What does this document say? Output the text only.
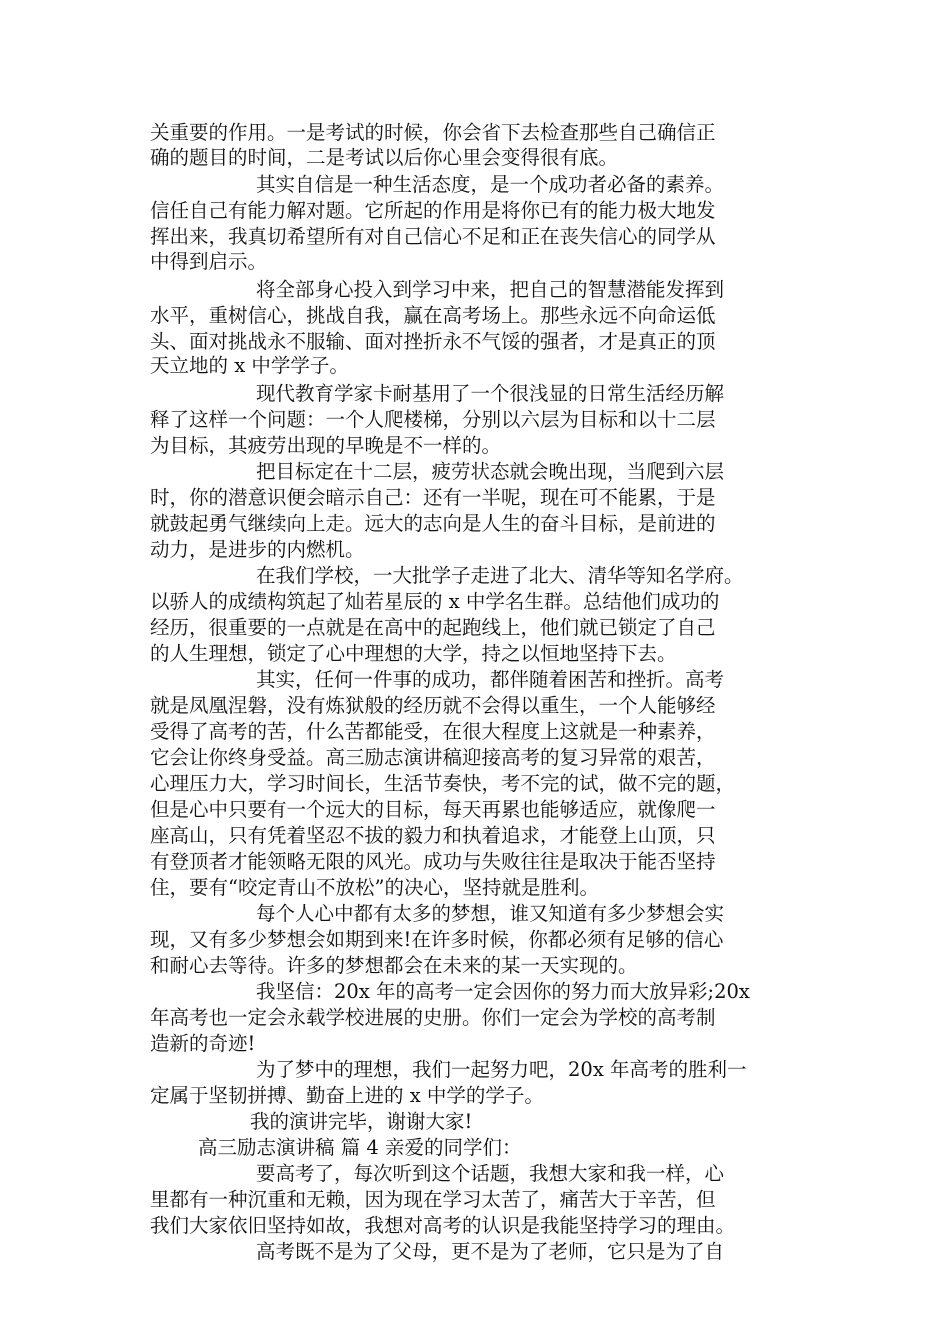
关重要的作用。一是考试的时候，你会省下去检查那些自己确信正
确的题目的时间，二是考试以后你心里会变得很有底。
其实自信是一种生活态度，是一个成功者必备的素养。
信任自己有能力解对题。它所起的作用是将你已有的能力极大地发
挥出来，我真切希望所有对自己信心不足和正在丧失信心的同学从
中得到启示。
将全部身心投入到学习中来，把自己的智慧潜能发挥到
水平，重树信心，挑战自我，赢在高考场上。那些永远不向命运低
头、面对挑战永不服输、面对挫折永不气馁的强者，才是真正的顶
天立地的 x 中学学子。
现代教育学家卡耐基用了一个很浅显的日常生活经历解
释了这样一个问题：一个人爬楼梯，分别以六层为目标和以十二层
为目标，其疲劳出现的早晚是不一样的。
把目标定在十二层，疲劳状态就会晚出现，当爬到六层
时，你的潜意识便会暗示自己：还有一半呢，现在可不能累，于是
就鼓起勇气继续向上走。远大的志向是人生的奋斗目标，是前进的
动力，是进步的内燃机。
在我们学校，一大批学子走进了北大、清华等知名学府。
以骄人的成绩构筑起了灿若星辰的 x 中学名生群。总结他们成功的
经历，很重要的一点就是在高中的起跑线上，他们就已锁定了自己
的人生理想，锁定了心中理想的大学，持之以恒地坚持下去。
其实，任何一件事的成功，都伴随着困苦和挫折。高考
就是凤凰涅磐，没有炼狱般的经历就不会得以重生，一个人能够经
受得了高考的苦，什么苦都能受，在很大程度上这就是一种素养，
它会让你终身受益。高三励志演讲稿迎接高考的复习异常的艰苦，
心理压力大，学习时间长，生活节奏快，考不完的试，做不完的题，
但是心中只要有一个远大的目标，每天再累也能够适应，就像爬一
座高山，只有凭着坚忍不拔的毅力和执着追求，才能登上山顶，只
有登顶者才能领略无限的风光。成功与失败往往是取决于能否坚持
住，要有“咬定青山不放松”的决心，坚持就是胜利。
每个人心中都有太多的梦想，谁又知道有多少梦想会实
现，又有多少梦想会如期到来!在许多时候，你都必须有足够的信心
和耐心去等待。许多的梦想都会在未来的某一天实现的。
我坚信：20x 年的高考一定会因你的努力而大放异彩;20x
年高考也一定会永载学校进展的史册。你们一定会为学校的高考制
造新的奇迹!
为了梦中的理想，我们一起努力吧，20x 年高考的胜利一
定属于坚韧拼搏、勤奋上进的 x 中学的学子。
我的演讲完毕，谢谢大家!
高三励志演讲稿 篇 4 亲爱的同学们：
要高考了，每次听到这个话题，我想大家和我一样，心
里都有一种沉重和无赖，因为现在学习太苦了，痛苦大于辛苦，但
我们大家依旧坚持如故，我想对高考的认识是我能坚持学习的理由。
高考既不是为了父母，更不是为了老师，它只是为了自
